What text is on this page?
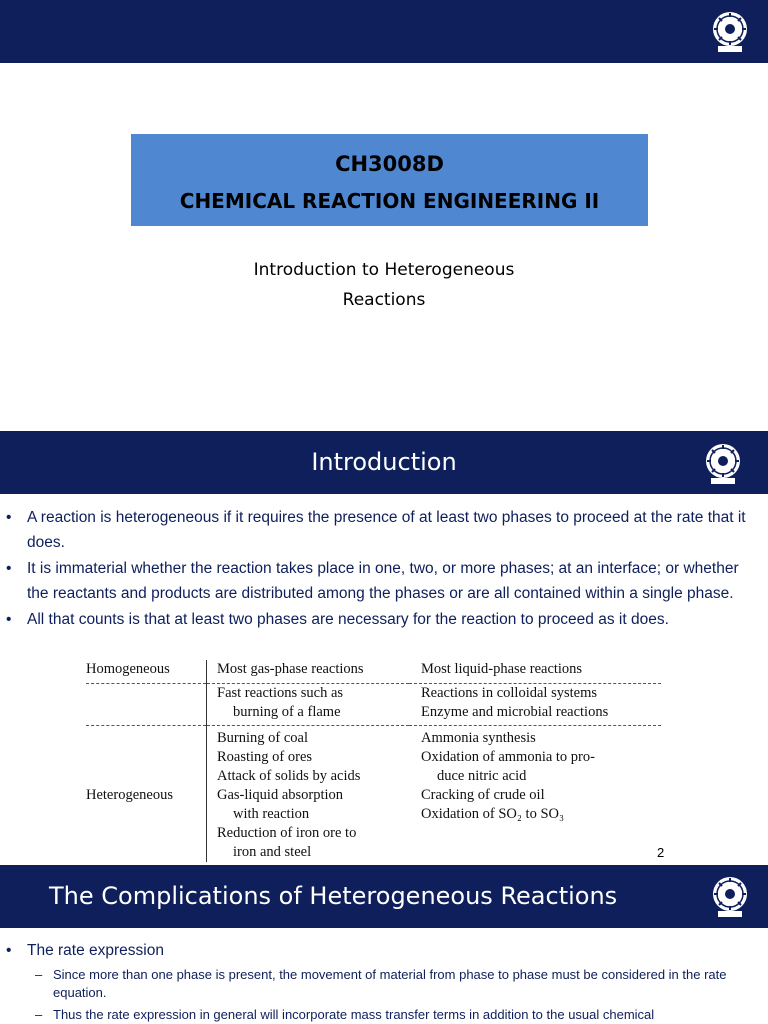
CH3008D
CHEMICAL REACTION ENGINEERING II
Introduction to Heterogeneous
Reactions
Introduction
• A reaction is heterogeneous if it requires the presence of at least two phases to proceed at the rate that it does.
• It is immaterial whether the reaction takes place in one, two, or more phases; at an interface; or whether the reactants and products are distributed among the phases or are all contained within a single phase.
• All that counts is that at least two phases are necessary for the reaction to proceed as it does.
Homogeneous	Most gas-phase reactions	Most liquid-phase reactions
	Fast reactions such as	Reactions in colloidal systems
	burning of a flame	Enzyme and microbial reactions
	Burning of coal	Ammonia synthesis
	Roasting of ores	Oxidation of ammonia to pro-
	Attack of solids by acids	duce nitric acid
Heterogeneous	Gas-liquid absorption	Cracking of crude oil
	with reaction	Oxidation of SO₂ to SO₃
	Reduction of iron ore to	
	iron and steel		2
The Complications of Heterogeneous Reactions
• The rate expression
– Since more than one phase is present, the movement of material from phase to phase must be considered in the rate equation.
– Thus the rate expression in general will incorporate mass transfer terms in addition to the usual chemical
